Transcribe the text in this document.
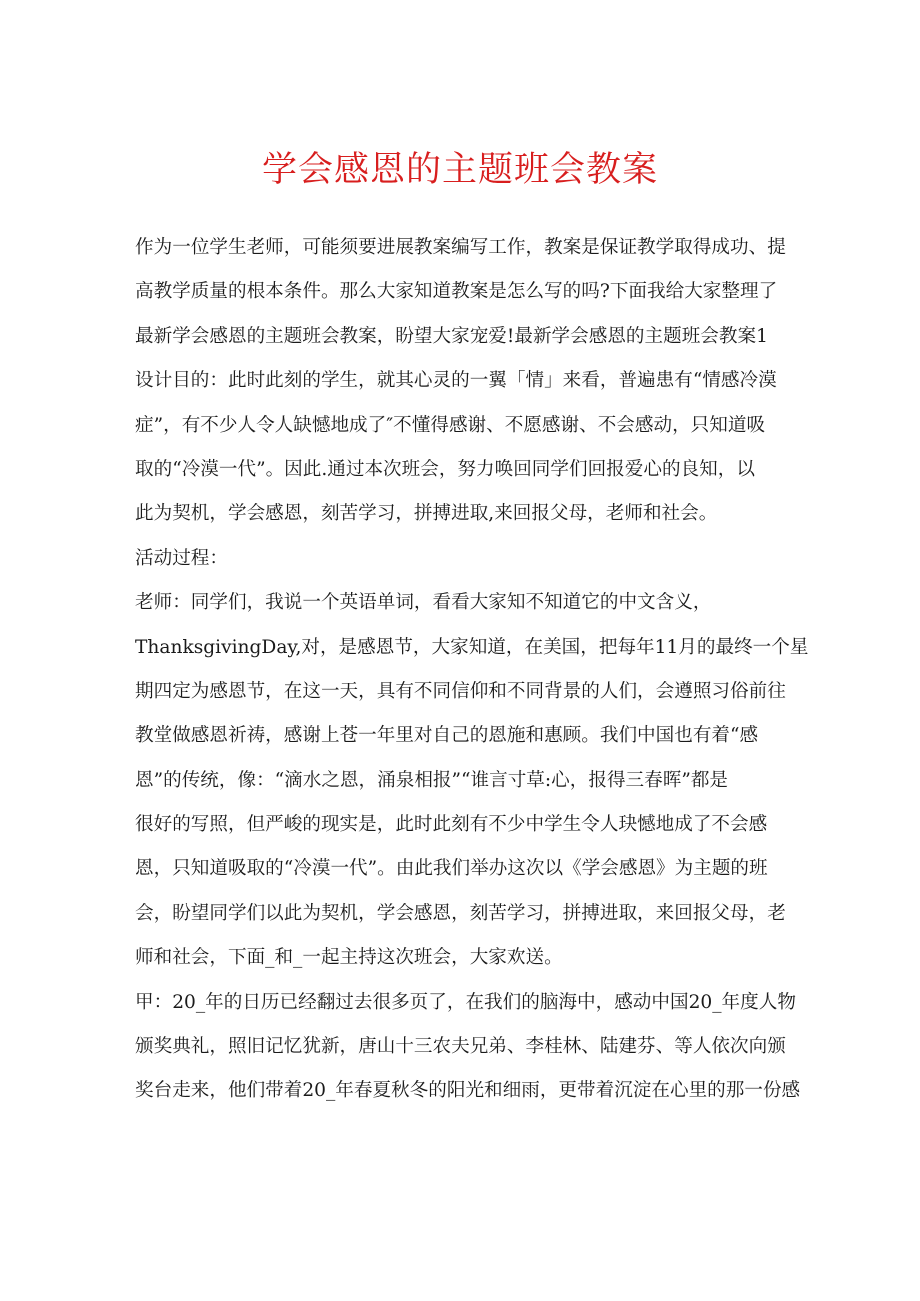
学会感恩的主题班会教案
作为一位学生老师，可能须要进展教案编写工作，教案是保证教学取得成功、提
高教学质量的根本条件。那么大家知道教案是怎么写的吗?下面我给大家整理了
最新学会感恩的主题班会教案，盼望大家宠爱!最新学会感恩的主题班会教案1
设计目的：此时此刻的学生，就其心灵的一翼「情」来看，普遍患有“情感冷漠
症”，有不少人令人缺憾地成了″不懂得感谢、不愿感谢、不会感动，只知道吸
取的“冷漠一代”。因此.通过本次班会，努力唤回同学们回报爱心的良知，以
此为契机，学会感恩，刻苦学习，拼搏进取,来回报父母，老师和社会。
活动过程：
老师：同学们，我说一个英语单词，看看大家知不知道它的中文含义，
ThanksgivingDay,对，是感恩节，大家知道，在美国，把每年11月的最终一个星
期四定为感恩节，在这一天，具有不同信仰和不同背景的人们，会遵照习俗前往
教堂做感恩祈祷，感谢上苍一年里对自己的恩施和惠顾。我们中国也有着“感
恩”的传统，像：“滴水之恩，涌泉相报”“谁言寸草:心，报得三春晖”都是
很好的写照，但严峻的现实是，此时此刻有不少中学生令人玦憾地成了不会感
恩，只知道吸取的“冷漠一代”。由此我们举办这次以《学会感恩》为主题的班
会，盼望同学们以此为契机，学会感恩，刻苦学习，拼搏进取，来回报父母，老
师和社会，下面_和_一起主持这次班会，大家欢送。
甲：20_年的日历已经翻过去很多页了，在我们的脑海中，感动中国20_年度人物
颁奖典礼，照旧记忆犹新，唐山十三农夫兄弟、李桂林、陆建芬、等人依次向颁
奖台走来，他们带着20_年春夏秋冬的阳光和细雨，更带着沉淀在心里的那一份感
